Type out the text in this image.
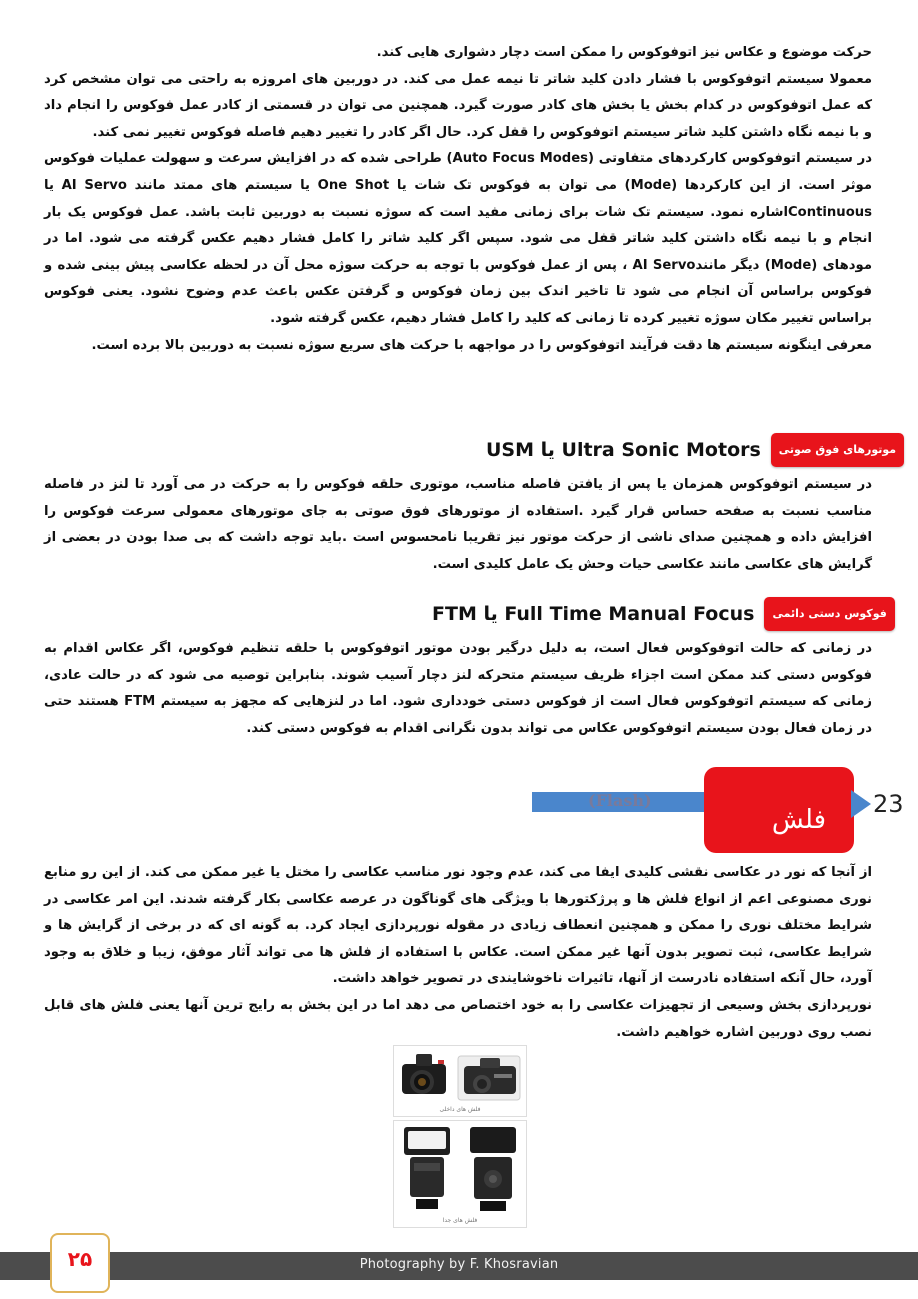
حرکت موضوع و عکاس نیز اتوفوکوس را ممکن است دچار دشواری هایی کند.

معمولا سیستم اتوفوکوس با فشار دادن کلید شاتر تا نیمه عمل می کند. در دوربین های امروزه به راحتی می توان مشخص کرد که عمل اتوفوکوس در کدام بخش یا بخش های کادر صورت گیرد. همچنین می توان در قسمتی از کادر عمل فوکوس را انجام داد و با نیمه نگاه داشتن کلید شاتر سیستم اتوفوکوس را قفل کرد. حال اگر کادر را تغییر دهیم فاصله فوکوس تغییر نمی کند.

در سیستم اتوفوکوس کارکردهای متفاوتی (Auto Focus Modes) طراحی شده که در افزایش سرعت و سهولت عملیات فوکوس موثر است. از این کارکردها (Mode) می توان به فوکوس تک شات یا One Shot یا سیستم های ممتد مانند AI Servo یا Continuousاشاره نمود. سیستم تک شات برای زمانی مفید است که سوژه نسبت به دوربین ثابت باشد. عمل فوکوس یک بار انجام و با نیمه نگاه داشتن کلید شاتر قفل می شود. سپس اگر کلید شاتر را کامل فشار دهیم عکس گرفته می شود. اما در مودهای (Mode) دیگر مانندAI Servo ، پس از عمل فوکوس با توجه به حرکت سوژه محل آن در لحظه عکاسی پیش بینی شده و فوکوس براساس آن انجام می شود تا تاخیر اندک بین زمان فوکوس و گرفتن عکس باعث عدم وضوح نشود. یعنی فوکوس براساس تغییر مکان سوژه تغییر کرده تا زمانی که کلید را کامل فشار دهیم، عکس گرفته شود.

معرفی اینگونه سیستم ها دقت فرآیند اتوفوکوس را در مواجهه با حرکت های سریع سوژه نسبت به دوربین بالا برده است.

USM یا Ultra Sonic Motors	موتورهای فوق صوتی

در سیستم اتوفوکوس همزمان یا پس از یافتن فاصله مناسب، موتوری حلقه فوکوس را به حرکت در می آورد تا لنز در فاصله مناسب نسبت به صفحه حساس قرار گیرد .استفاده از موتورهای فوق صوتی به جای موتورهای معمولی سرعت فوکوس را افزایش داده و همچنین صدای ناشی از حرکت موتور نیز تقریبا نامحسوس است .باید توجه داشت که بی صدا بودن در بعضی از گرایش های عکاسی مانند عکاسی حیات وحش یک عامل کلیدی است.

FTM یا Full Time Manual Focus	فوکوس دستی دائمی

در زمانی که حالت اتوفوکوس فعال است، به دلیل درگیر بودن موتور اتوفوکوس با حلقه تنظیم فوکوس، اگر عکاس اقدام به فوکوس دستی کند ممکن است اجزاء ظریف سیستم متحرکه لنز دچار آسیب شوند. بنابراین توصیه می شود که در حالت عادی، زمانی که سیستم اتوفوکوس فعال است از فوکوس دستی خودداری شود. اما در لنزهایی که مجهز به سیستم FTM هستند حتی در زمان فعال بودن سیستم اتوفوکوس عکاس می تواند بدون نگرانی اقدام به فوکوس دستی کند.

(Flash)
فلش
23

از آنجا که نور در عکاسی نقشی کلیدی ایفا می کند، عدم وجود نور مناسب عکاسی را مختل یا غیر ممکن می کند. از این رو منابع نوری مصنوعی اعم از انواع فلش ها و پرژکتورها با ویژگی های گوناگون در عرصه عکاسی بکار گرفته شدند. این امر عکاسی در شرایط مختلف نوری را ممکن و همچنین انعطاف زیادی در مقوله نورپردازی ایجاد کرد. به گونه ای که در برخی از گرایش ها و شرایط عکاسی، ثبت تصویر بدون آنها غیر ممکن است. عکاس با استفاده از فلش ها می تواند آثار موفق، زیبا و خلاق به وجود آورد، حال آنکه استفاده نادرست از آنها، تاثیرات ناخوشایندی در تصویر خواهد داشت.

نورپردازی بخش وسیعی از تجهیزات عکاسی را به خود اختصاص می دهد اما در این بخش به رایج ترین آنها یعنی فلش های قابل نصب روی دوربین اشاره خواهیم داشت.

فلش های داخلی
فلش های جدا
Photography by F. Khosravian
۲۵
